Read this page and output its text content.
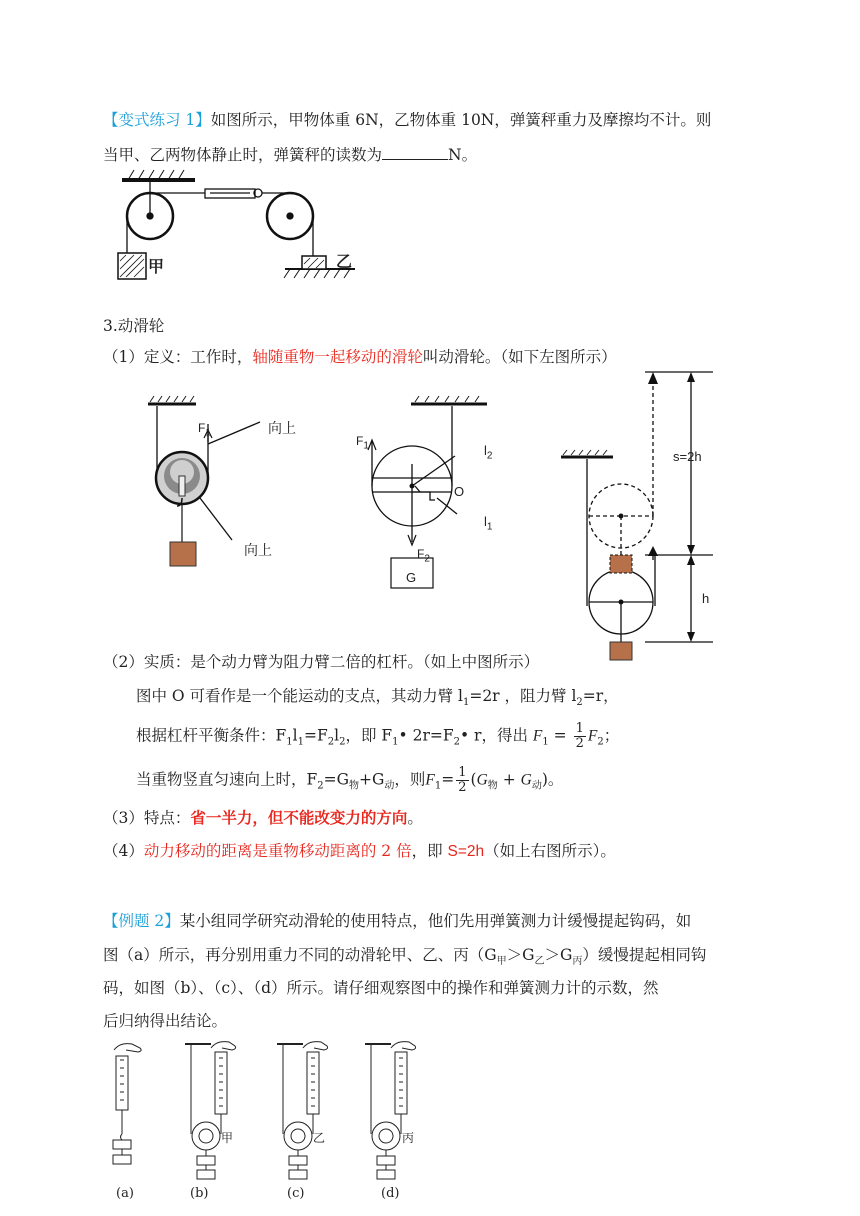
【变式练习 1】如图所示，甲物体重 6N，乙物体重 10N，弹簧秤重力及摩擦均不计。则
当甲、乙两物体静止时，弹簧秤的读数为	N。
甲	乙
3.动滑轮
（1）定义：工作时，轴随重物一起移动的滑轮叫动滑轮。（如下左图所示）
$F_1$	向上
向上
$F_1$	$l_2$
O
$l_1$
$F_2$
G
s=2h
h
（2）实质：是个动力臂为阻力臂二倍的杠杆。（如上中图所示）
图中 O 可看作是一个能运动的支点，其动力臂 $l_1=2r$ ，阻力臂 $l_2=r$，
根据杠杆平衡条件：$F_1l_1=F_2l_2$，即 $F_1•$ $2r=F_2•$ r，得出 $F_1 = \frac{1}{2} F_2$；
当重物竖直匀速向上时，$F_2=G_物+G_动$，则$F_1= \frac{1}{2} (G_物 + G_动)$。
（3）特点：省一半力，但不能改变力的方向。
（4）动力移动的距离是重物移动距离的 2 倍，即 S=2h（如上右图所示）。
【例题 2】某小组同学研究动滑轮的使用特点，他们先用弹簧测力计缓慢提起钩码，如
图（a）所示，再分别用重力不同的动滑轮甲、乙、丙$(G_甲>G_乙>G_丙)$缓慢提起相同钩
码，如图（b）、（c）、（d）所示。请仔细观察图中的操作和弹簧测力计的示数，然
后归纳得出结论。
甲	乙	丙
(a)	(b)	(c)	(d)
